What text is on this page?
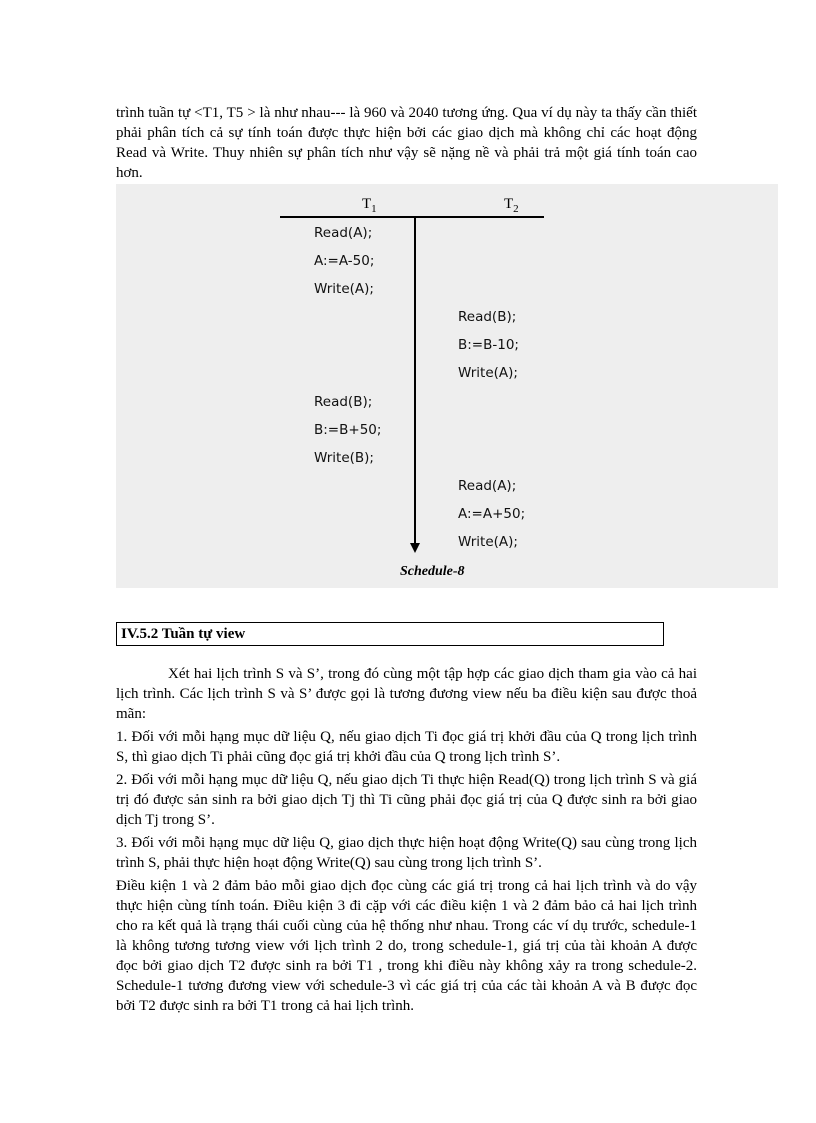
trình tuần tự <T1, T5 > là như nhau--- là 960 và 2040 tương ứng. Qua ví dụ này ta thấy cần thiết phải phân tích cả sự tính toán được thực hiện bởi các giao dịch mà không chỉ các hoạt động Read và Write. Thuy nhiên sự phân tích như vậy sẽ nặng nề và phải trả một giá tính toán cao hơn.

$T_1$	$T_2$
Read(A);
A:=A-50;
Write(A);
Read(B);
B:=B-10;
Write(A);
Read(B);
B:=B+50;
Write(B);
Read(A);
A:=A+50;
Write(A);
Schedule-8
IV.5.2 Tuần tự view

Xét hai lịch trình S và S’, trong đó cùng một tập hợp các giao dịch tham gia vào cả hai lịch trình. Các lịch trình S và S’ được gọi là tương đương view nếu ba điều kiện sau được thoả mãn:

1. Đối với mỗi hạng mục dữ liệu Q, nếu giao dịch Ti đọc giá trị khởi đầu của Q trong lịch trình S, thì giao dịch Ti phải cũng đọc giá trị khởi đầu của Q trong lịch trình S’.

2. Đối với mỗi hạng mục dữ liệu Q, nếu giao dịch Ti thực hiện Read(Q) trong lịch trình S và giá trị đó được sản sinh ra bởi giao dịch Tj thì Ti cũng phải đọc giá trị của Q được sinh ra bởi giao dịch Tj trong S’.

3. Đối với mỗi hạng mục dữ liệu Q, giao dịch thực hiện hoạt động Write(Q) sau cùng trong lịch trình S, phải thực hiện hoạt động Write(Q) sau cùng trong lịch trình S’.

Điều kiện 1 và 2 đảm bảo mỗi giao dịch đọc cùng các giá trị trong cả hai lịch trình và do vậy thực hiện cùng tính toán. Điều kiện 3 đi cặp với các điều kiện 1 và 2 đảm bảo cả hai lịch trình cho ra kết quả là trạng thái cuối cùng của hệ thống như nhau. Trong các ví dụ trước, schedule-1 là không tương tương view với lịch trình 2 do, trong schedule-1, giá trị của tài khoản A được đọc bởi giao dịch T2 được sinh ra bởi T1 , trong khi điều này không xảy ra trong schedule-2. Schedule-1 tương đương view với schedule-3 vì các giá trị của các tài khoản A và B được đọc bởi T2 được sinh ra bởi T1 trong cả hai lịch trình.
